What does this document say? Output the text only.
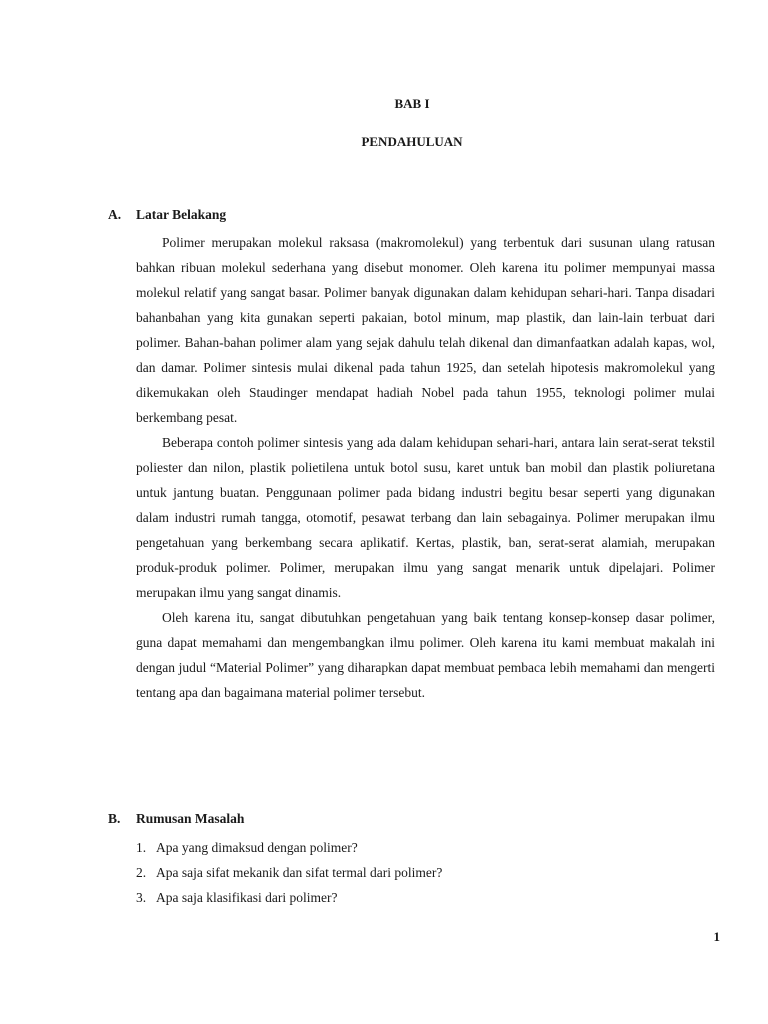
BAB I
PENDAHULUAN
A. Latar Belakang

Polimer merupakan molekul raksasa (makromolekul) yang terbentuk dari susunan ulang ratusan bahkan ribuan molekul sederhana yang disebut monomer. Oleh karena itu polimer mempunyai massa molekul relatif yang sangat basar. Polimer banyak digunakan dalam kehidupan sehari-hari. Tanpa disadari bahanbahan yang kita gunakan seperti pakaian, botol minum, map plastik, dan lain-lain terbuat dari polimer. Bahan-bahan polimer alam yang sejak dahulu telah dikenal dan dimanfaatkan adalah kapas, wol, dan damar. Polimer sintesis mulai dikenal pada tahun 1925, dan setelah hipotesis makromolekul yang dikemukakan oleh Staudinger mendapat hadiah Nobel pada tahun 1955, teknologi polimer mulai berkembang pesat.

Beberapa contoh polimer sintesis yang ada dalam kehidupan sehari-hari, antara lain serat-serat tekstil poliester dan nilon, plastik polietilena untuk botol susu, karet untuk ban mobil dan plastik poliuretana untuk jantung buatan. Penggunaan polimer pada bidang industri begitu besar seperti yang digunakan dalam industri rumah tangga, otomotif, pesawat terbang dan lain sebagainya. Polimer merupakan ilmu pengetahuan yang berkembang secara aplikatif. Kertas, plastik, ban, serat-serat alamiah, merupakan produk-produk polimer. Polimer, merupakan ilmu yang sangat menarik untuk dipelajari. Polimer merupakan ilmu yang sangat dinamis.

Oleh karena itu, sangat dibutuhkan pengetahuan yang baik tentang konsep-konsep dasar polimer, guna dapat memahami dan mengembangkan ilmu polimer. Oleh karena itu kami membuat makalah ini dengan judul “Material Polimer” yang diharapkan dapat membuat pembaca lebih memahami dan mengerti tentang apa dan bagaimana material polimer tersebut.

B. Rumusan Masalah
1. Apa yang dimaksud dengan polimer?
2. Apa saja sifat mekanik dan sifat termal dari polimer?
3. Apa saja klasifikasi dari polimer?
1
